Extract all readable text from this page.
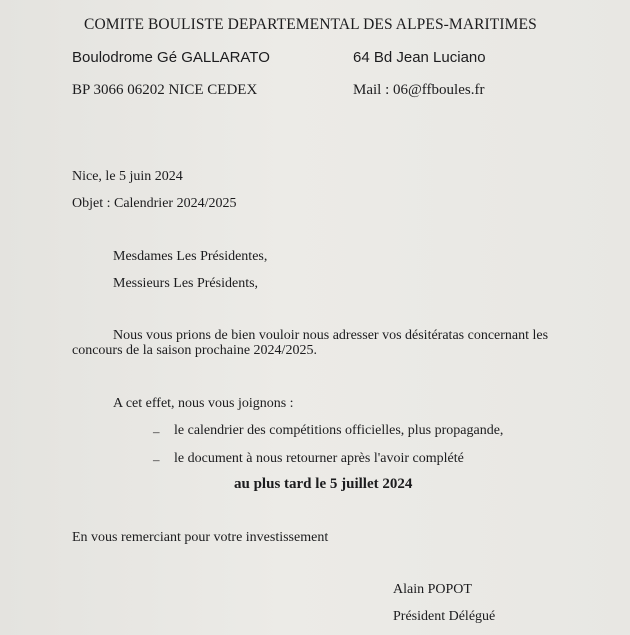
COMITE BOULISTE DEPARTEMENTAL DES ALPES-MARITIMES
Boulodrome Gé GALLARATO	64 Bd Jean Luciano
BP 3066 06202 NICE CEDEX	Mail : 06@ffboules.fr
Nice, le 5 juin 2024
Objet : Calendrier 2024/2025
Mesdames Les Présidentes,
Messieurs Les Présidents,
Nous vous prions de bien vouloir nous adresser vos désitératas concernant les
concours de la saison prochaine 2024/2025.
A cet effet, nous vous joignons :
– le calendrier des compétitions officielles, plus propagande,
– le document à nous retourner après l'avoir complété
au plus tard le 5 juillet 2024
En vous remerciant pour votre investissement
Alain POPOT
Président Délégué
